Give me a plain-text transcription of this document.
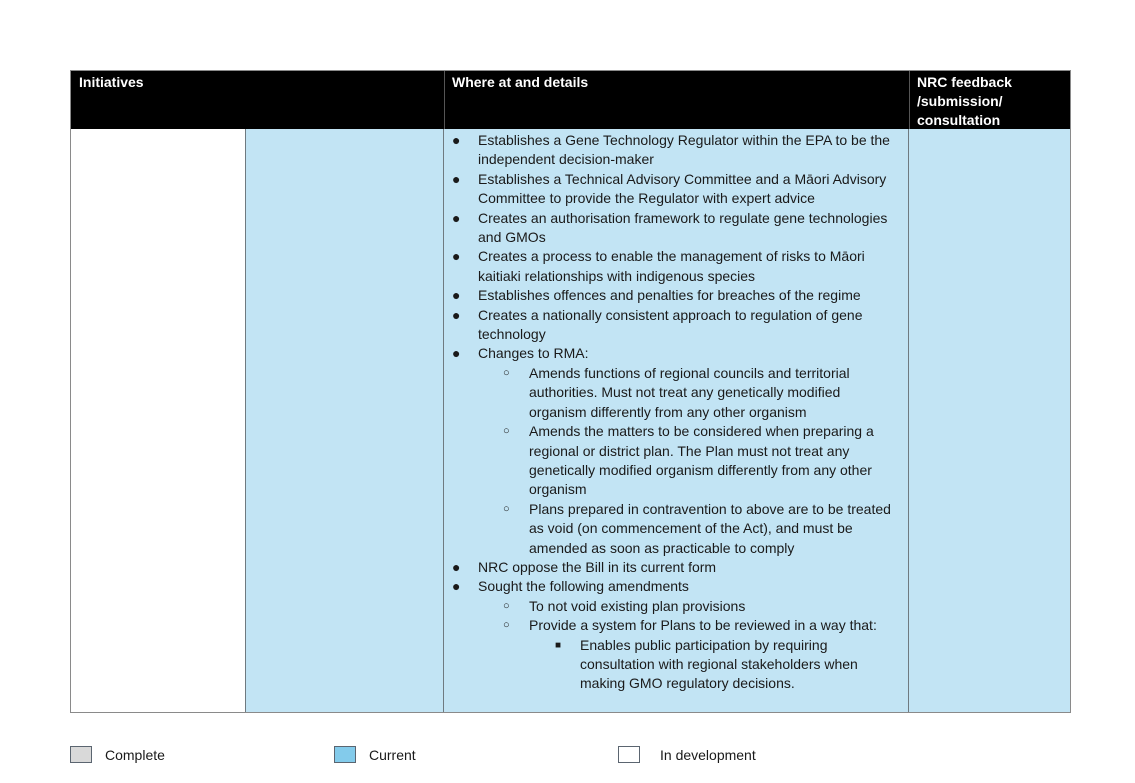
Initiatives	Where at and details	NRC feedback
/submission/
consultation
● Establishes a Gene Technology Regulator within the EPA to be the independent decision-maker
● Establishes a Technical Advisory Committee and a Māori Advisory Committee to provide the Regulator with expert advice
● Creates an authorisation framework to regulate gene technologies and GMOs
● Creates a process to enable the management of risks to Māori kaitiaki relationships with indigenous species
● Establishes offences and penalties for breaches of the regime
● Creates a nationally consistent approach to regulation of gene technology
● Changes to RMA:
○ Amends functions of regional councils and territorial authorities. Must not treat any genetically modified organism differently from any other organism
○ Amends the matters to be considered when preparing a regional or district plan. The Plan must not treat any genetically modified organism differently from any other organism
○ Plans prepared in contravention to above are to be treated as void (on commencement of the Act), and must be amended as soon as practicable to comply
● NRC oppose the Bill in its current form
● Sought the following amendments
○ To not void existing plan provisions
○ Provide a system for Plans to be reviewed in a way that:
■ Enables public participation by requiring consultation with regional stakeholders when making GMO regulatory decisions.
Complete	Current	In development
